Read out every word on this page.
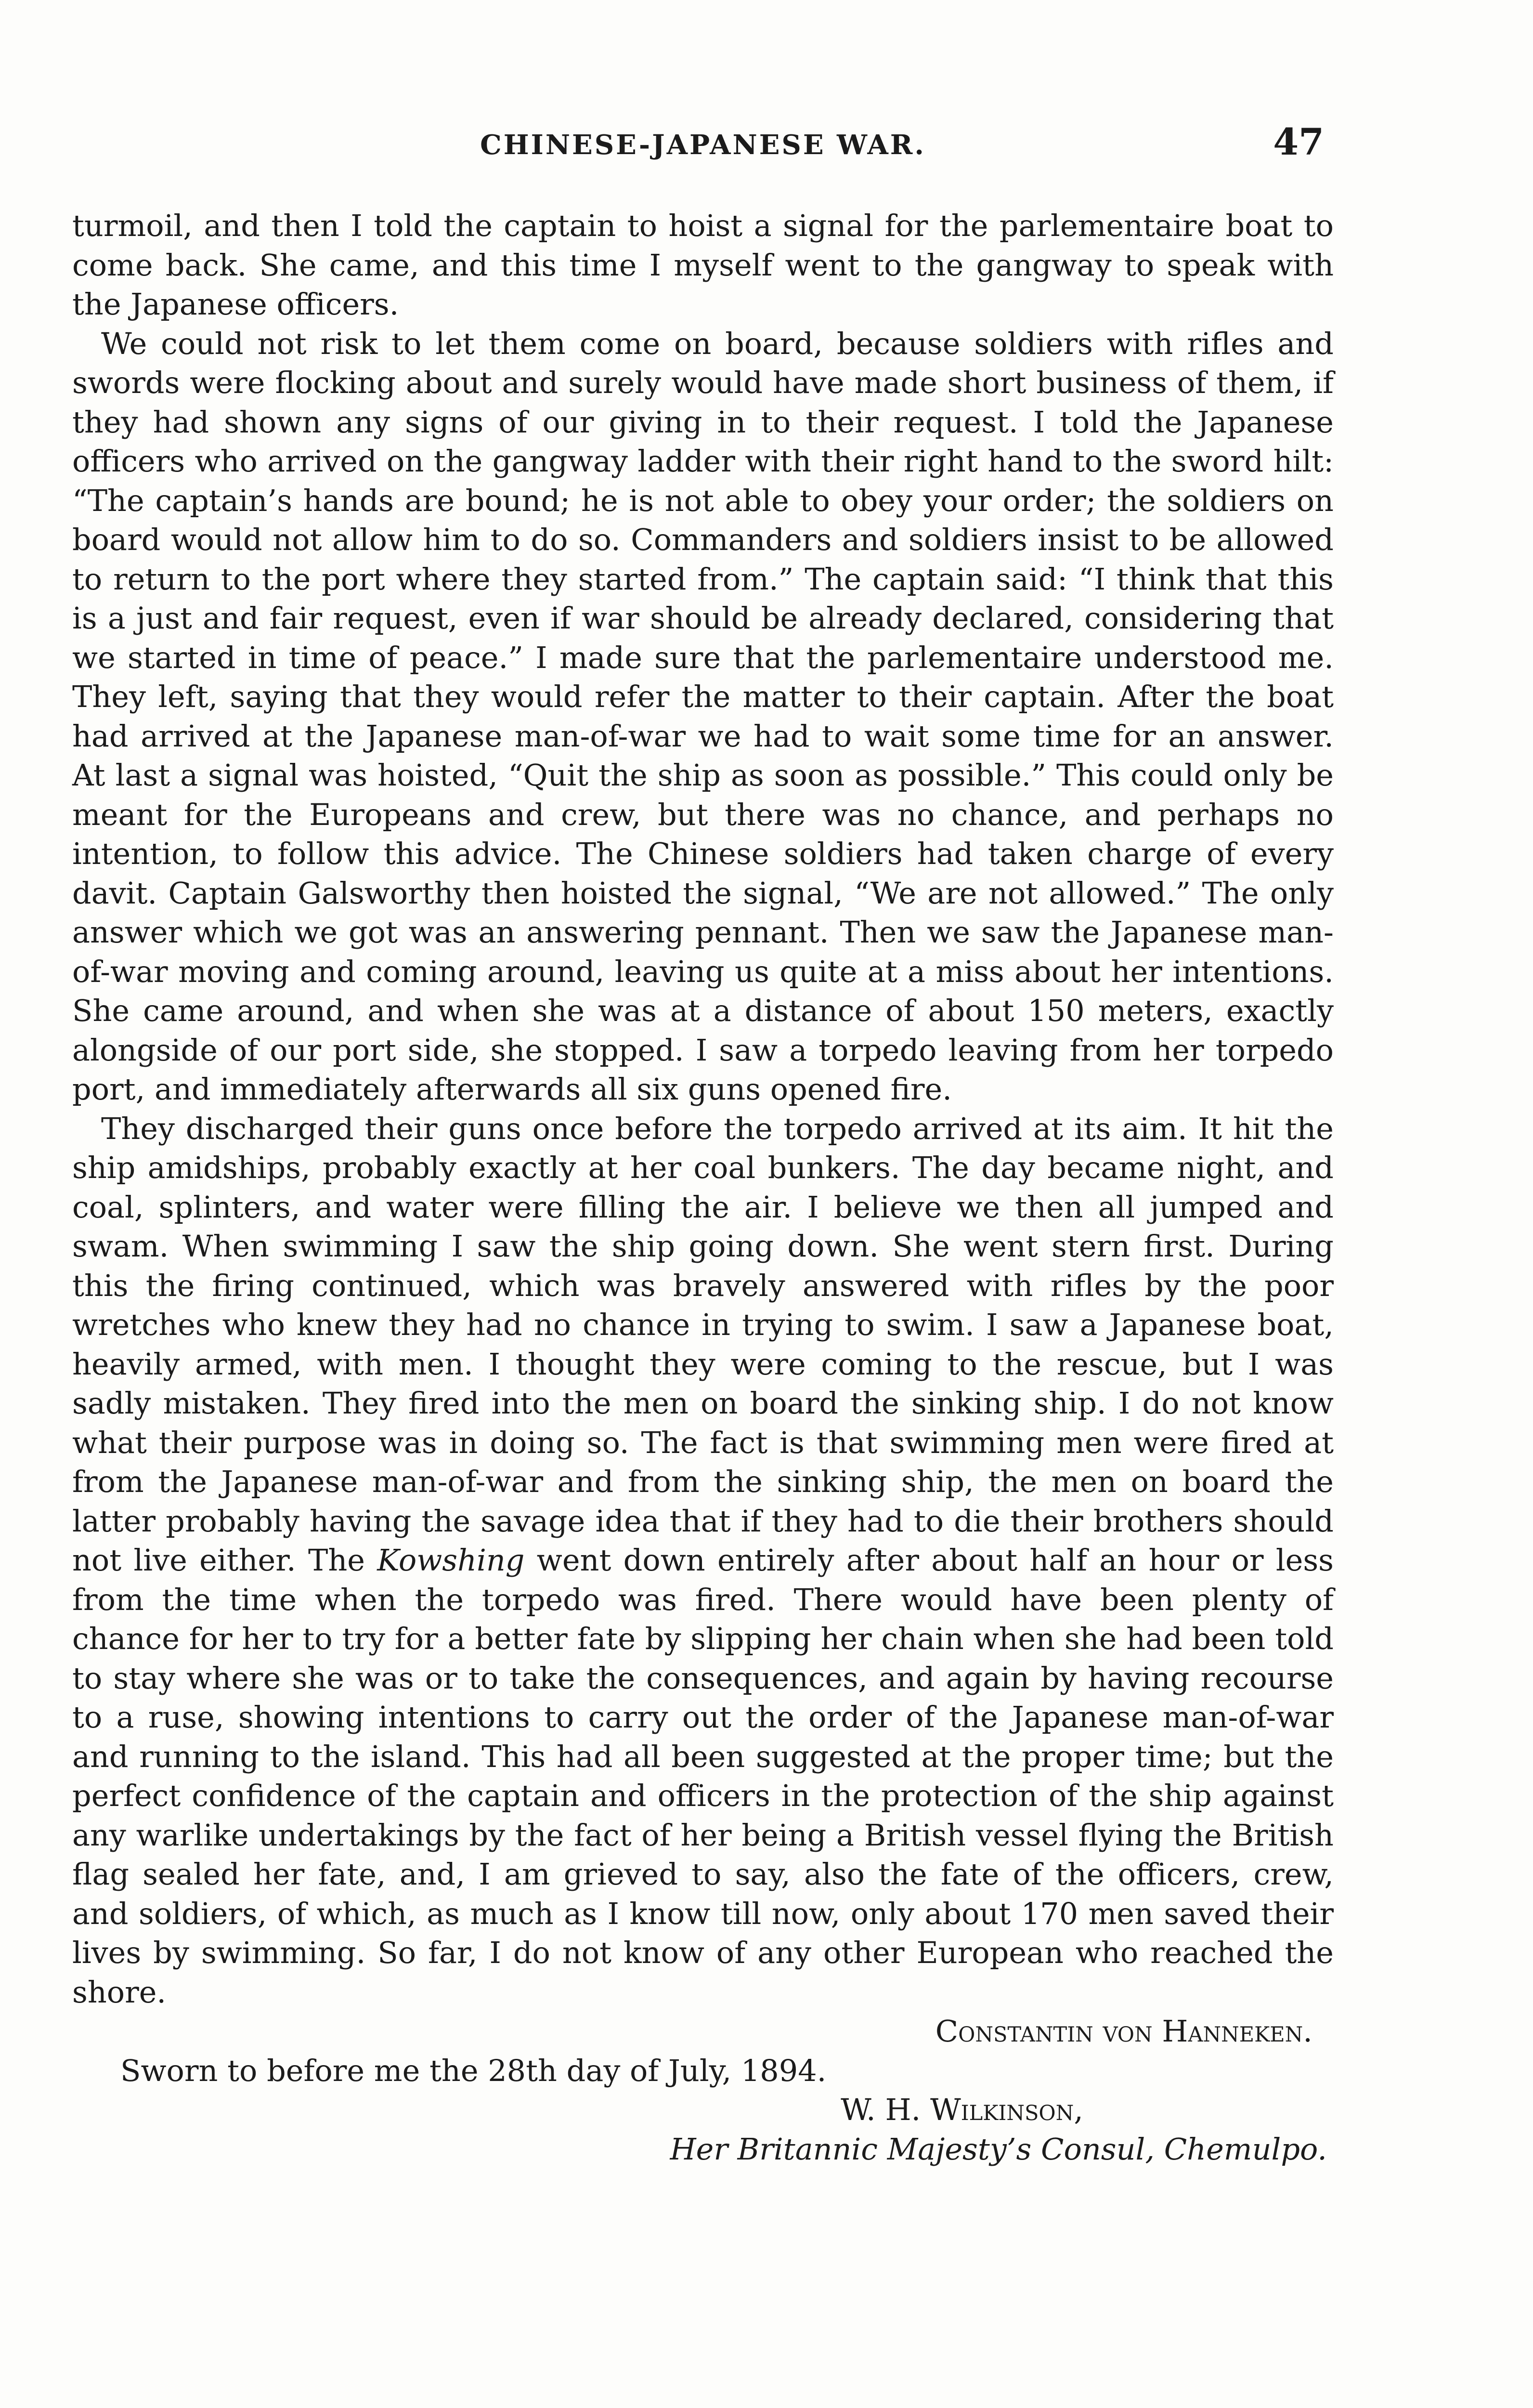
CHINESE-JAPANESE WAR.	47

turmoil, and then I told the captain to hoist a signal for the parlementaire boat to come back. She came, and this time I myself went to the gangway to speak with the Japanese officers.

We could not risk to let them come on board, because soldiers with rifles and swords were flocking about and surely would have made short business of them, if they had shown any signs of our giving in to their request. I told the Japanese officers who arrived on the gangway ladder with their right hand to the sword hilt: “The captain’s hands are bound; he is not able to obey your order; the soldiers on board would not allow him to do so. Commanders and soldiers insist to be allowed to return to the port where they started from.” The captain said: “I think that this is a just and fair request, even if war should be already declared, considering that we started in time of peace.” I made sure that the parlementaire understood me. They left, saying that they would refer the matter to their captain. After the boat had arrived at the Japanese man-of-war we had to wait some time for an answer. At last a signal was hoisted, “Quit the ship as soon as possible.” This could only be meant for the Europeans and crew, but there was no chance, and perhaps no intention, to follow this advice. The Chinese soldiers had taken charge of every davit. Captain Galsworthy then hoisted the signal, “We are not allowed.” The only answer which we got was an answering pennant. Then we saw the Japanese man-of-war moving and coming around, leaving us quite at a miss about her intentions. She came around, and when she was at a distance of about 150 meters, exactly alongside of our port side, she stopped. I saw a torpedo leaving from her torpedo port, and immediately afterwards all six guns opened fire.

They discharged their guns once before the torpedo arrived at its aim. It hit the ship amidships, probably exactly at her coal bunkers. The day became night, and coal, splinters, and water were filling the air. I believe we then all jumped and swam. When swimming I saw the ship going down. She went stern first. During this the firing continued, which was bravely answered with rifles by the poor wretches who knew they had no chance in trying to swim. I saw a Japanese boat, heavily armed, with men. I thought they were coming to the rescue, but I was sadly mistaken. They fired into the men on board the sinking ship. I do not know what their purpose was in doing so. The fact is that swimming men were fired at from the Japanese man-of-war and from the sinking ship, the men on board the latter probably having the savage idea that if they had to die their brothers should not live either. The Kowshing went down entirely after about half an hour or less from the time when the torpedo was fired. There would have been plenty of chance for her to try for a better fate by slipping her chain when she had been told to stay where she was or to take the consequences, and again by having recourse to a ruse, showing intentions to carry out the order of the Japanese man-of-war and running to the island. This had all been suggested at the proper time; but the perfect confidence of the captain and officers in the protection of the ship against any warlike undertakings by the fact of her being a British vessel flying the British flag sealed her fate, and, I am grieved to say, also the fate of the officers, crew, and soldiers, of which, as much as I know till now, only about 170 men saved their lives by swimming. So far, I do not know of any other European who reached the shore.

Constantin von Hanneken.

Sworn to before me the 28th day of July, 1894.

W. H. Wilkinson,

Her Britannic Majesty’s Consul, Chemulpo.
